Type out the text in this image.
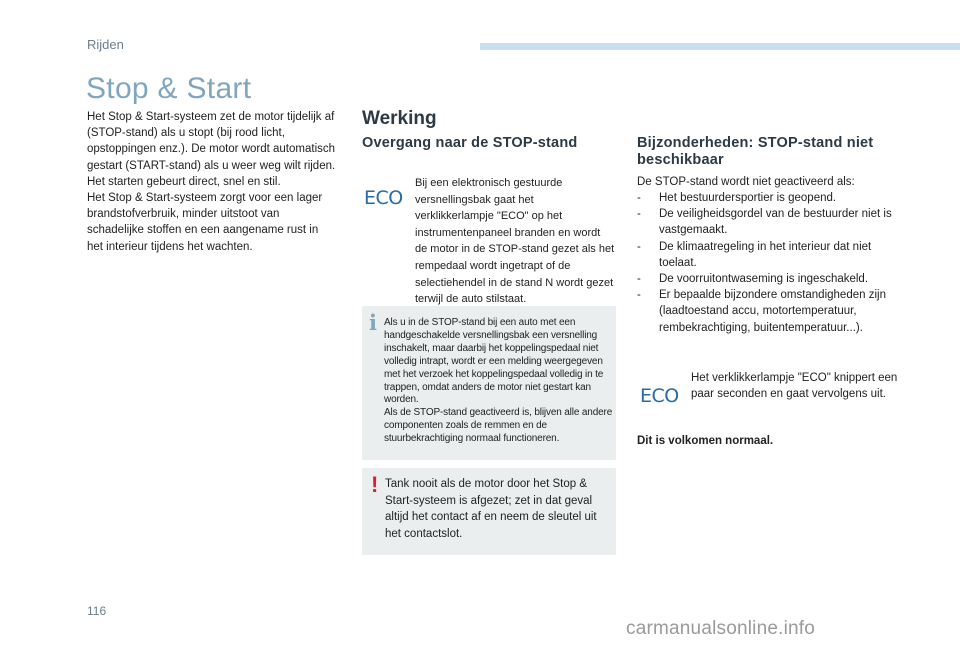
Rijden
Stop & Start

Het Stop & Start-systeem zet de motor tijdelijk af (STOP-stand) als u stopt (bij rood licht, opstoppingen enz.). De motor wordt automatisch gestart (START-stand) als u weer weg wilt rijden. Het starten gebeurt direct, snel en stil.

Het Stop & Start-systeem zorgt voor een lager brandstofverbruik, minder uitstoot van schadelijke stoffen en een aangename rust in het interieur tijdens het wachten.

Werking
Overgang naar de STOP-stand
ECO
Bij een elektronisch gestuurde versnellingsbak gaat het verklikkerlampje "ECO" op het instrumentenpaneel branden en wordt de motor in de STOP-stand gezet als het rempedaal wordt ingetrapt of de selectiehendel in de stand N wordt gezet terwijl de auto stilstaat.
i Als u in de STOP-stand bij een auto met een handgeschakelde versnellingsbak een versnelling inschakelt, maar daarbij het koppelingspedaal niet volledig intrapt, wordt er een melding weergegeven met het verzoek het koppelingspedaal volledig in te trappen, omdat anders de motor niet gestart kan worden.

Als de STOP-stand geactiveerd is, blijven alle andere componenten zoals de remmen en de stuurbekrachtiging normaal functioneren.

! Tank nooit als de motor door het Stop & Start-systeem is afgezet; zet in dat geval altijd het contact af en neem de sleutel uit het contactslot.
Bijzonderheden: STOP-stand niet beschikbaar
De STOP-stand wordt niet geactiveerd als:
- Het bestuurdersportier is geopend.
- De veiligheidsgordel van de bestuurder niet is vastgemaakt.
- De klimaatregeling in het interieur dat niet toelaat.
- De voorruitontwaseming is ingeschakeld.
- Er bepaalde bijzondere omstandigheden zijn (laadtoestand accu, motortemperatuur, rembekrachtiging, buitentemperatuur...).
ECO
Het verklikkerlampje "ECO" knippert een paar seconden en gaat vervolgens uit.
Dit is volkomen normaal.
116
carmanualsonline.info
